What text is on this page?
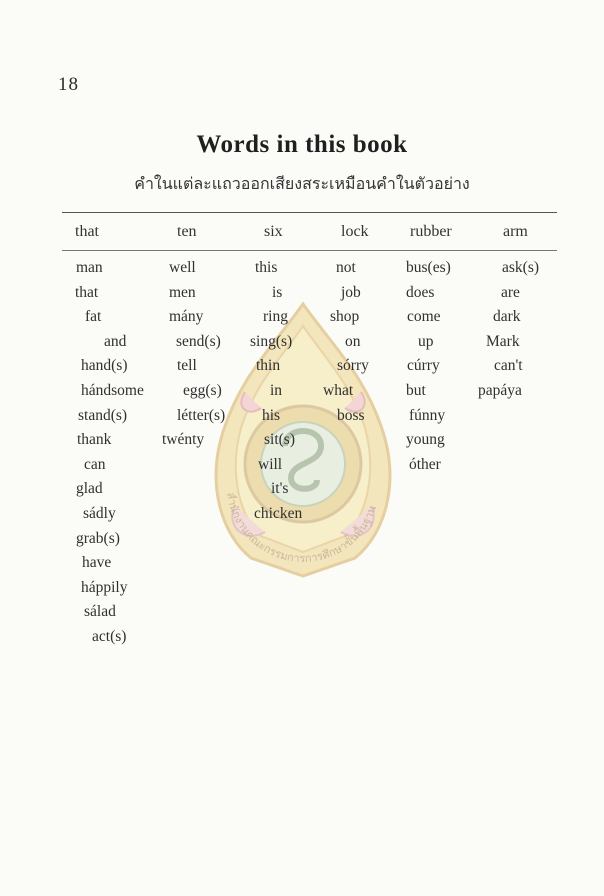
18
Words in this book
คำในแต่ละแถวออกเสียงสระเหมือนคำในตัวอย่าง
สำนักงานคณะกรรมการการศึกษาขั้นพื้นฐาน
that
man
that
fat
and
hand(s)
hándsome
stand(s)
thank
can
glad
sádly
grab(s)
have
háppily
sálad
act(s)
ten
well
men
mány
send(s)
tell
egg(s)
létter(s)
twénty
six
this
is
ring
sing(s)
thin
in
his
sit(s)
will
it's
chicken
lock
not
job
shop
on
sórry
what
boss
rubber
bus(es)
does
come
up
cúrry
but
fúnny
young
óther
arm
ask(s)
are
dark
Mark
can't
papáya
